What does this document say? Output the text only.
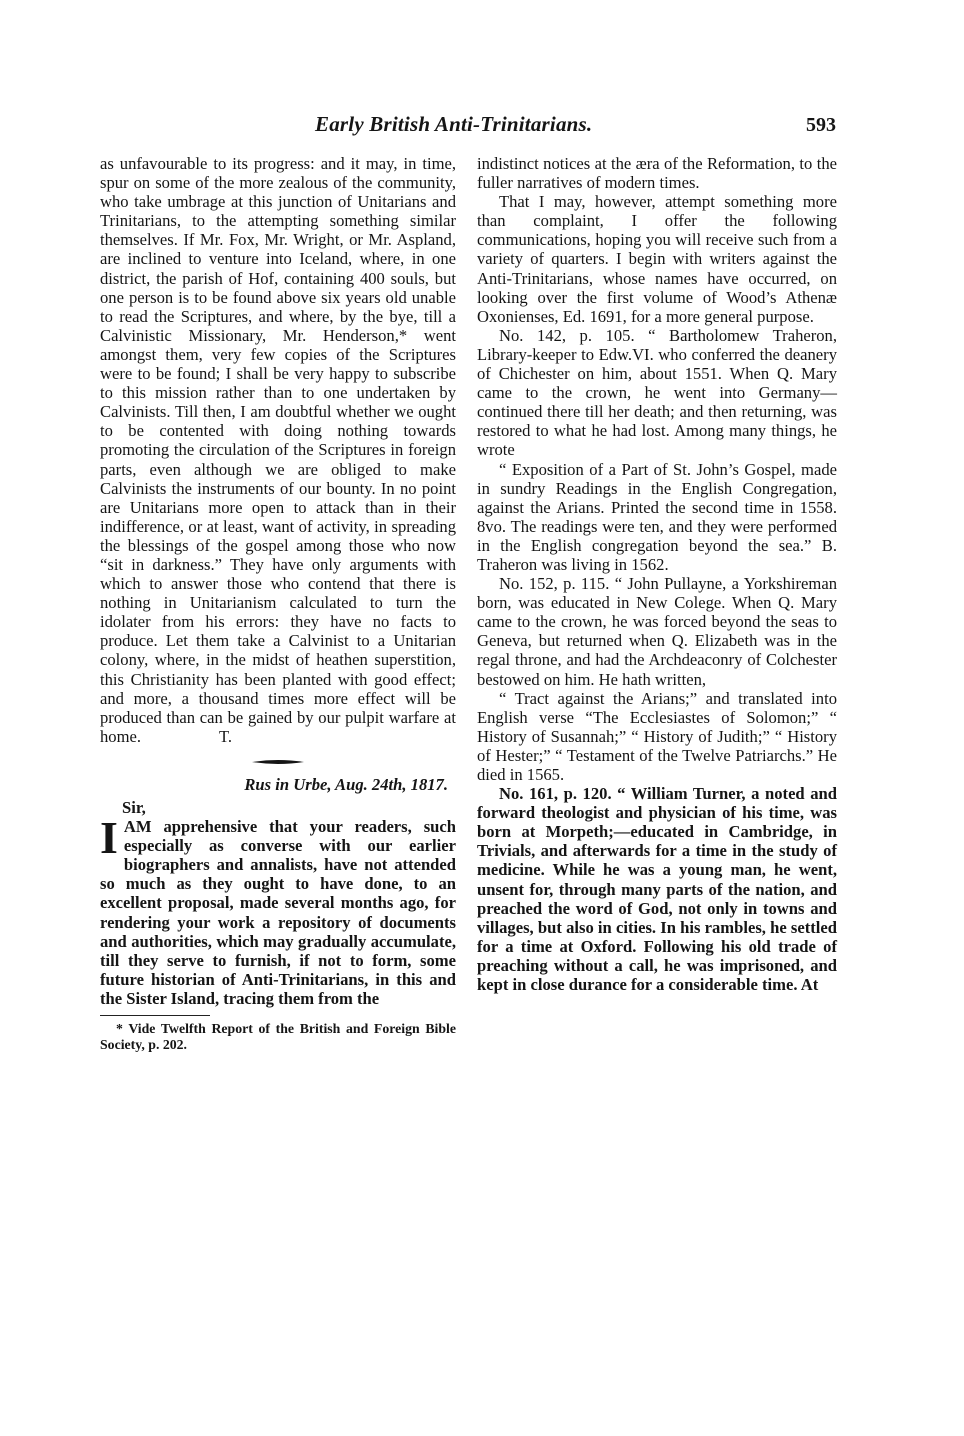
Early British Anti-Trinitarians.	593

as unfavourable to its progress: and it may, in time, spur on some of the more zealous of the community, who take umbrage at this junction of Unitarians and Trinitarians, to the attempting something similar themselves. If Mr. Fox, Mr. Wright, or Mr. Aspland, are inclined to venture into Iceland, where, in one district, the parish of Hof, containing 400 souls, but one person is to be found above six years old unable to read the Scriptures, and where, by the bye, till a Calvinistic Missionary, Mr. Henderson,* went amongst them, very few copies of the Scriptures were to be found; I shall be very happy to subscribe to this mission rather than to one undertaken by Calvinists. Till then, I am doubtful whether we ought to be contented with doing nothing towards promoting the circulation of the Scriptures in foreign parts, even although we are obliged to make Calvinists the instruments of our bounty. In no point are Unitarians more open to attack than in their indifference, or at least, want of activity, in spreading the blessings of the gospel among those who now “sit in darkness.” They have only arguments with which to answer those who contend that there is nothing in Unitarianism calculated to turn the idolater from his errors: they have no facts to produce. Let them take a Calvinist to a Unitarian colony, where, in the midst of heathen superstition, this Christianity has been planted with good effect; and more, a thousand times more effect will be produced than can be gained by our pulpit warfare at home.	T.

Rus in Urbe, Aug. 24th, 1817.

Sir,

I AM apprehensive that your readers, such especially as converse with our earlier biographers and annalists, have not attended so much as they ought to have done, to an excellent proposal, made several months ago, for rendering your work a repository of documents and authorities, which may gradually accumulate, till they serve to furnish, if not to form, some future historian of Anti-Trinitarians, in this and the Sister Island, tracing them from the

* Vide Twelfth Report of the British and Foreign Bible Society, p. 202.

indistinct notices at the æra of the Reformation, to the fuller narratives of modern times.

That I may, however, attempt something more than complaint, I offer the following communications, hoping you will receive such from a variety of quarters. I begin with writers against the Anti-Trinitarians, whose names have occurred, on looking over the first volume of Wood’s Athenæ Oxonienses, Ed. 1691, for a more general purpose.

No. 142, p. 105. “ Bartholomew Traheron, Library-keeper to Edw.VI. who conferred the deanery of Chichester on him, about 1551. When Q. Mary came to the crown, he went into Germany—continued there till her death; and then returning, was restored to what he had lost. Among many things, he wrote

“ Exposition of a Part of St. John’s Gospel, made in sundry Readings in the English Congregation, against the Arians. Printed the second time in 1558. 8vo. The readings were ten, and they were performed in the English congregation beyond the sea.” B. Traheron was living in 1562.

No. 152, p. 115. “ John Pullayne, a Yorkshireman born, was educated in New Colege. When Q. Mary came to the crown, he was forced beyond the seas to Geneva, but returned when Q. Elizabeth was in the regal throne, and had the Archdeaconry of Colchester bestowed on him. He hath written,

“ Tract against the Arians;” and translated into English verse “The Ecclesiastes of Solomon;” “ History of Susannah;” “ History of Judith;” “ History of Hester;” “ Testament of the Twelve Patriarchs.” He died in 1565.

No. 161, p. 120. “ William Turner, a noted and forward theologist and physician of his time, was born at Morpeth;—educated in Cambridge, in Trivials, and afterwards for a time in the study of medicine. While he was a young man, he went, unsent for, through many parts of the nation, and preached the word of God, not only in towns and villages, but also in cities. In his rambles, he settled for a time at Oxford. Following his old trade of preaching without a call, he was imprisoned, and kept in close durance for a considerable time. At
